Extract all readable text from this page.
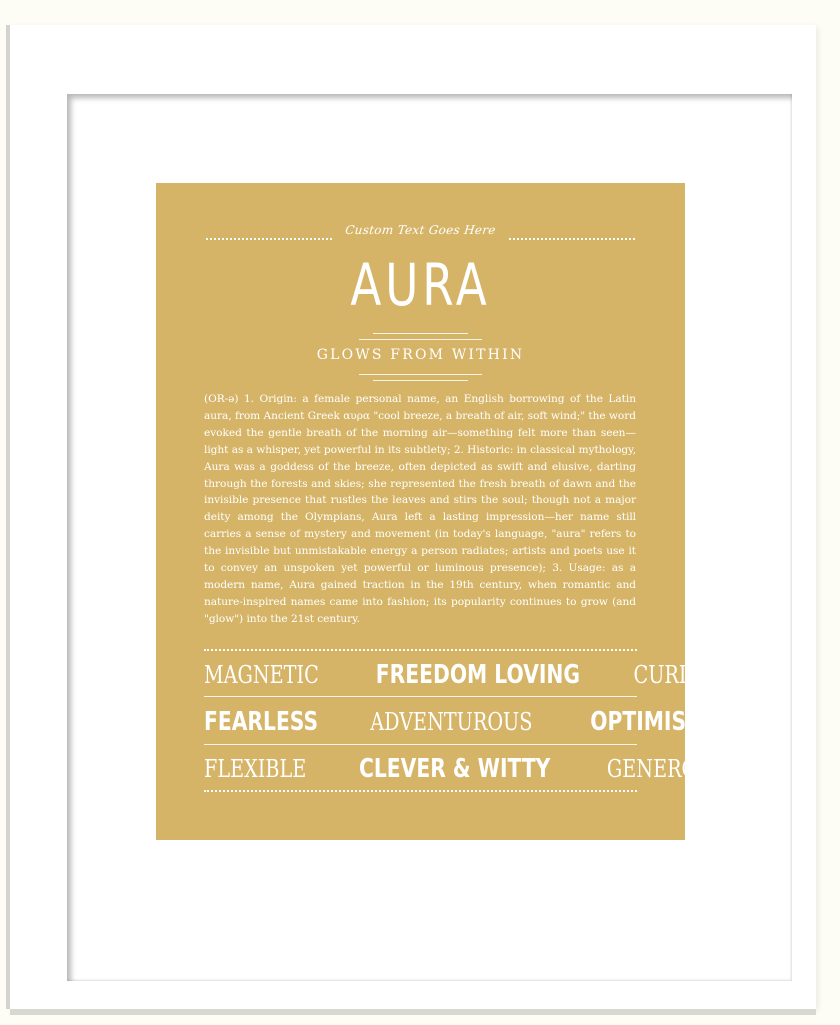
Custom Text Goes Here
AURA
GLOWS FROM WITHIN
(OR-ə) 1. Origin: a female personal name, an English borrowing of the Latin aura, from Ancient Greek αυρα "cool breeze, a breath of air, soft wind;" the word evoked the gentle breath of the morning air—something felt more than seen—light as a whisper, yet powerful in its subtlety; 2. Historic: in classical mythology, Aura was a goddess of the breeze, often depicted as swift and elusive, darting through the forests and skies; she represented the fresh breath of dawn and the invisible presence that rustles the leaves and stirs the soul; though not a major deity among the Olympians, Aura left a lasting impression—her name still carries a sense of mystery and movement (in today's language, "aura" refers to the invisible but unmistakable energy a person radiates; artists and poets use it to convey an unspoken yet powerful or luminous presence); 3. Usage: as a modern name, Aura gained traction in the 19th century, when romantic and nature-inspired names came into fashion; its popularity continues to grow (and "glow") into the 21st century.
MAGNETIC FREEDOM LOVING CURIOUS
FEARLESS ADVENTUROUS OPTIMISTIC
FLEXIBLE CLEVER & WITTY GENEROUS
